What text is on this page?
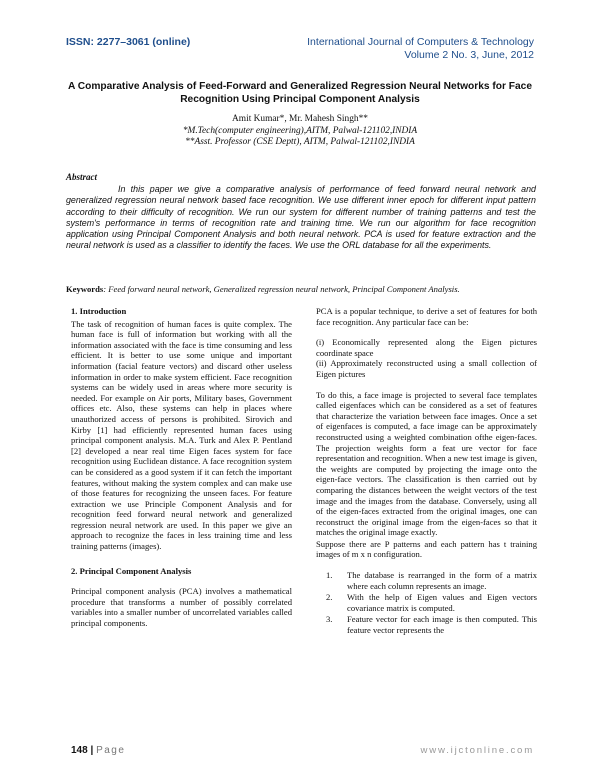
ISSN: 2277–3061 (online)	International Journal of Computers & Technology
Volume 2 No. 3, June, 2012
A Comparative Analysis of Feed-Forward and Generalized Regression Neural Networks for Face
Recognition Using Principal Component Analysis
Amit Kumar*, Mr. Mahesh Singh**
*M.Tech(computer engineering),AITM, Palwal-121102,INDIA
**Asst. Professor (CSE Deptt), AITM, Palwal-121102,INDIA
Abstract
In this paper we give a comparative analysis of performance of feed forward neural network and generalized regression neural network based face recognition. We use different inner epoch for different input pattern according to their difficulty of recognition. We run our system for different number of training patterns and test the system's performance in terms of recognition rate and training time. We run our algorithm for face recognition application using Principal Component Analysis and both neural network. PCA is used for feature extraction and the neural network is used as a classifier to identify the faces. We use the ORL database for all the experiments.
Keywords: Feed forward neural network, Generalized regression neural network, Principal Component Analysis.

1. Introduction

The task of recognition of human faces is quite complex. The human face is full of information but working with all the information associated with the face is time consuming and less efficient. It is better to use some unique and important information (facial feature vectors) and discard other useless information in order to make system efficient. Face recognition systems can be widely used in areas where more security is needed. For example on Air ports, Military bases, Government offices etc. Also, these systems can help in places where unauthorized access of persons is prohibited. Sirovich and Kirby [1] had efficiently represented human faces using principal component analysis. M.A. Turk and Alex P. Pentland [2] developed a near real time Eigen faces system for face recognition using Euclidean distance. A face recognition system can be considered as a good system if it can fetch the important features, without making the system complex and can make use of those features for recognizing the unseen faces. For feature extraction we use Principle Component Analysis and for recognition feed forward neural network and generalized regression neural network are used. In this paper we give an approach to recognize the faces in less training time and less training patterns (images).

2. Principal Component Analysis

Principal component analysis (PCA) involves a mathematical procedure that transforms a number of possibly correlated variables into a smaller number of uncorrelated variables called principal components.

PCA is a popular technique, to derive a set of features for both face recognition. Any particular face can be:

(i) Economically represented along the Eigen pictures coordinate space

(ii) Approximately reconstructed using a small collection of Eigen pictures

To do this, a face image is projected to several face templates called eigenfaces which can be considered as a set of features that characterize the variation between face images. Once a set of eigenfaces is computed, a face image can be approximately reconstructed using a weighted combination ofthe eigen-faces. The projection weights form a feat ure vector for face representation and recognition. When a new test image is given, the weights are computed by projecting the image onto the eigen-face vectors. The classification is then carried out by comparing the distances between the weight vectors of the test image and the images from the database. Conversely, using all of the eigen-faces extracted from the original images, one can reconstruct the original image from the eigen-faces so that it matches the original image exactly.

Suppose there are P patterns and each pattern has t training images of m x n configuration.

1. The database is rearranged in the form of a matrix where each column represents an image.
2. With the help of Eigen values and Eigen vectors covariance matrix is computed.
3. Feature vector for each image is then computed. This feature vector represents the
148 | Page	www.ijctonline.com
